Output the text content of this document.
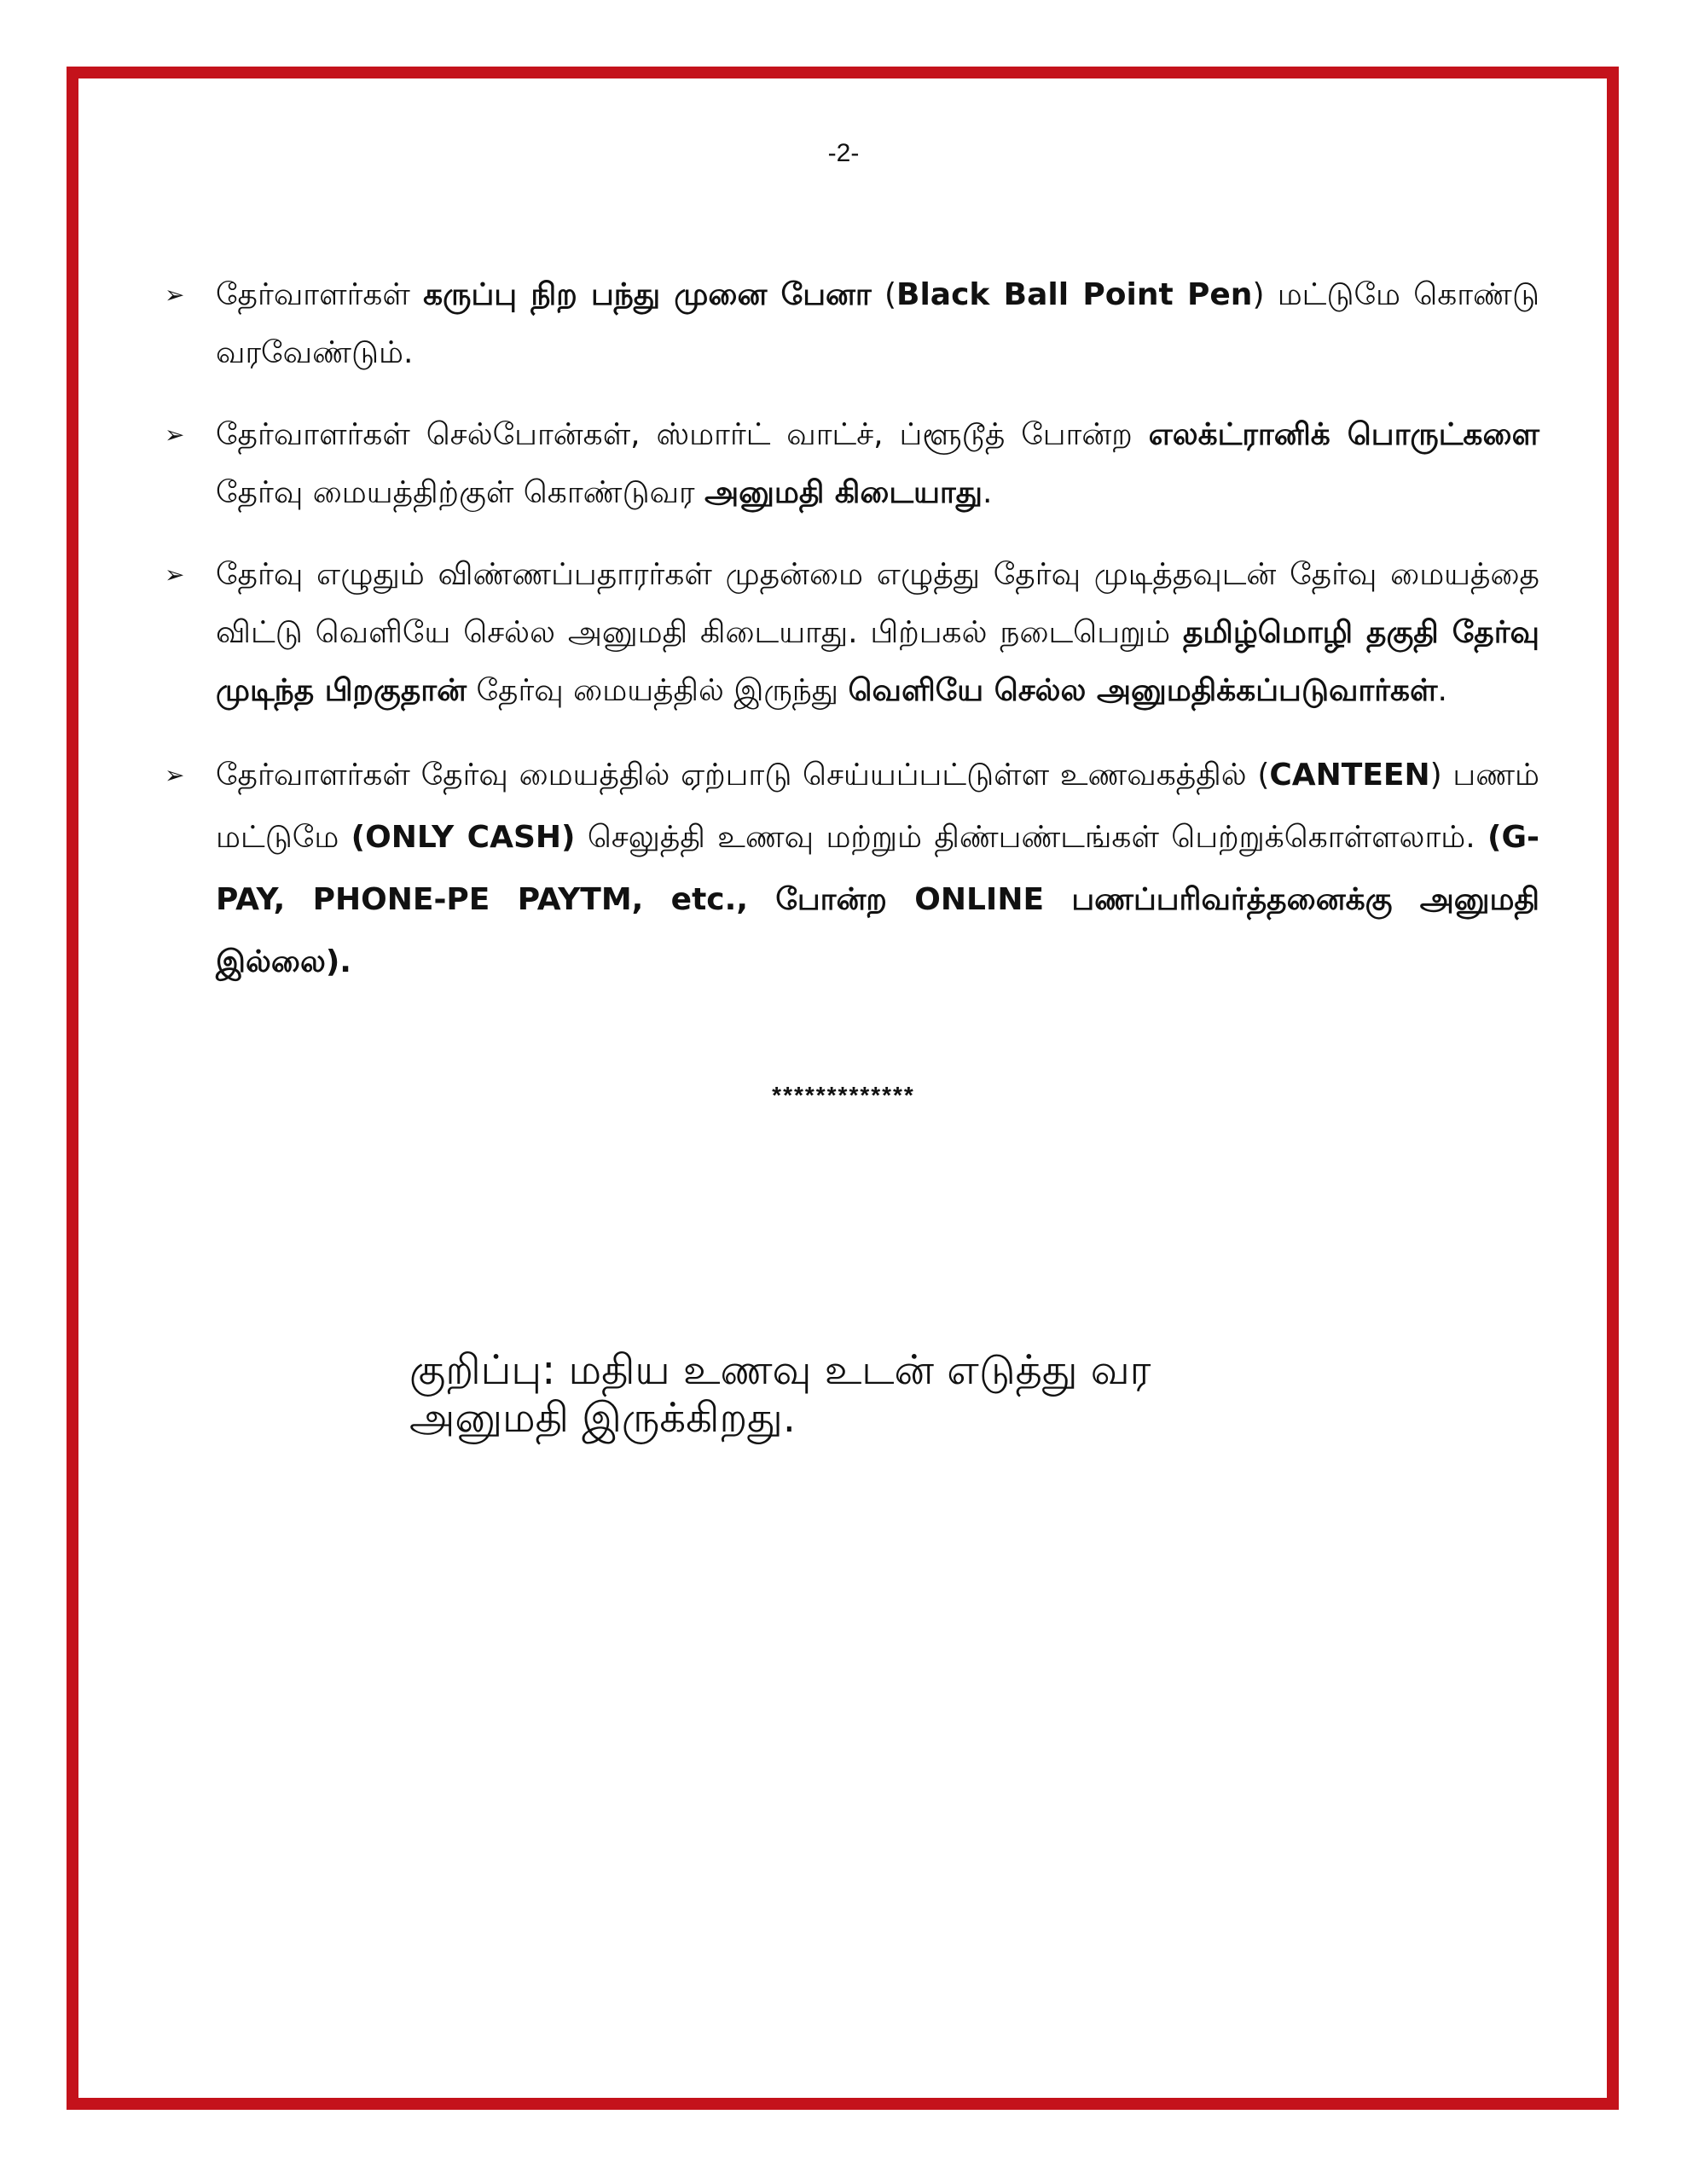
-2-
➢ தேர்வாளர்கள் கருப்பு நிற பந்து முனை பேனா (Black Ball Point Pen) மட்டுமே கொண்டு வரவேண்டும்.
➢ தேர்வாளர்கள் செல்போன்கள், ஸ்மார்ட் வாட்ச், ப்ளூடூத் போன்ற எலக்ட்ரானிக் பொருட்களை தேர்வு மையத்திற்குள் கொண்டுவர அனுமதி கிடையாது.
➢ தேர்வு எழுதும் விண்ணப்பதாரர்கள் முதன்மை எழுத்து தேர்வு முடித்தவுடன் தேர்வு மையத்தை விட்டு வெளியே செல்ல அனுமதி கிடையாது. பிற்பகல் நடைபெறும் தமிழ்மொழி தகுதி தேர்வு முடிந்த பிறகுதான் தேர்வு மையத்தில் இருந்து வெளியே செல்ல அனுமதிக்கப்படுவார்கள்.
➢ தேர்வாளர்கள் தேர்வு மையத்தில் ஏற்பாடு செய்யப்பட்டுள்ள உணவகத்தில் (CANTEEN) பணம் மட்டுமே (ONLY CASH) செலுத்தி உணவு மற்றும் திண்பண்டங்கள் பெற்றுக்கொள்ளலாம். (G-PAY, PHONE-PE PAYTM, etc., போன்ற ONLINE பணப்பரிவர்த்தனைக்கு அனுமதி இல்லை).
*************
குறிப்பு: மதிய உணவு உடன் எடுத்து வர
அனுமதி இருக்கிறது.
